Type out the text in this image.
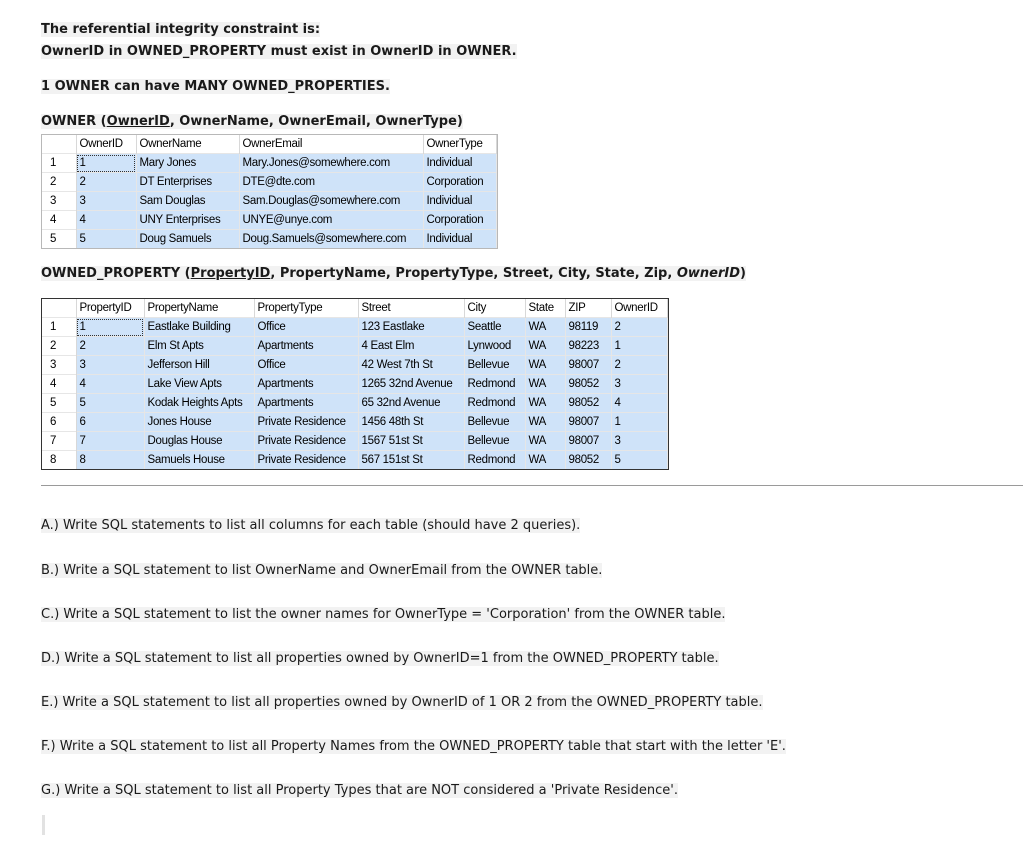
The referential integrity constraint is:
OwnerID in OWNED_PROPERTY must exist in OwnerID in OWNER.
1 OWNER can have MANY OWNED_PROPERTIES.
OWNER (OwnerID, OwnerName, OwnerEmail, OwnerType)
	OwnerID	OwnerName	OwnerEmail	OwnerType
1	1	Mary Jones	Mary.Jones@somewhere.com	Individual
2	2	DT Enterprises	DTE@dte.com	Corporation
3	3	Sam Douglas	Sam.Douglas@somewhere.com	Individual
4	4	UNY Enterprises	UNYE@unye.com	Corporation
5	5	Doug Samuels	Doug.Samuels@somewhere.com	Individual
OWNED_PROPERTY (PropertyID, PropertyName, PropertyType, Street, City, State, Zip, OwnerID)
	PropertyID	PropertyName	PropertyType	Street	City	State	ZIP	OwnerID
1	1	Eastlake Building	Office	123 Eastlake	Seattle	WA	98119	2
2	2	Elm St Apts	Apartments	4 East Elm	Lynwood	WA	98223	1
3	3	Jefferson Hill	Office	42 West 7th St	Bellevue	WA	98007	2
4	4	Lake View Apts	Apartments	1265 32nd Avenue	Redmond	WA	98052	3
5	5	Kodak Heights Apts	Apartments	65 32nd Avenue	Redmond	WA	98052	4
6	6	Jones House	Private Residence	1456 48th St	Bellevue	WA	98007	1
7	7	Douglas House	Private Residence	1567 51st St	Bellevue	WA	98007	3
8	8	Samuels House	Private Residence	567 151st St	Redmond	WA	98052	5
A.) Write SQL statements to list all columns for each table (should have 2 queries).
B.) Write a SQL statement to list OwnerName and OwnerEmail from the OWNER table.
C.) Write a SQL statement to list the owner names for OwnerType = 'Corporation' from the OWNER table.
D.) Write a SQL statement to list all properties owned by OwnerID=1 from the OWNED_PROPERTY table.
E.) Write a SQL statement to list all properties owned by OwnerID of 1 OR 2 from the OWNED_PROPERTY table.
F.) Write a SQL statement to list all Property Names from the OWNED_PROPERTY table that start with the letter 'E'.
G.) Write a SQL statement to list all Property Types that are NOT considered a 'Private Residence'.
